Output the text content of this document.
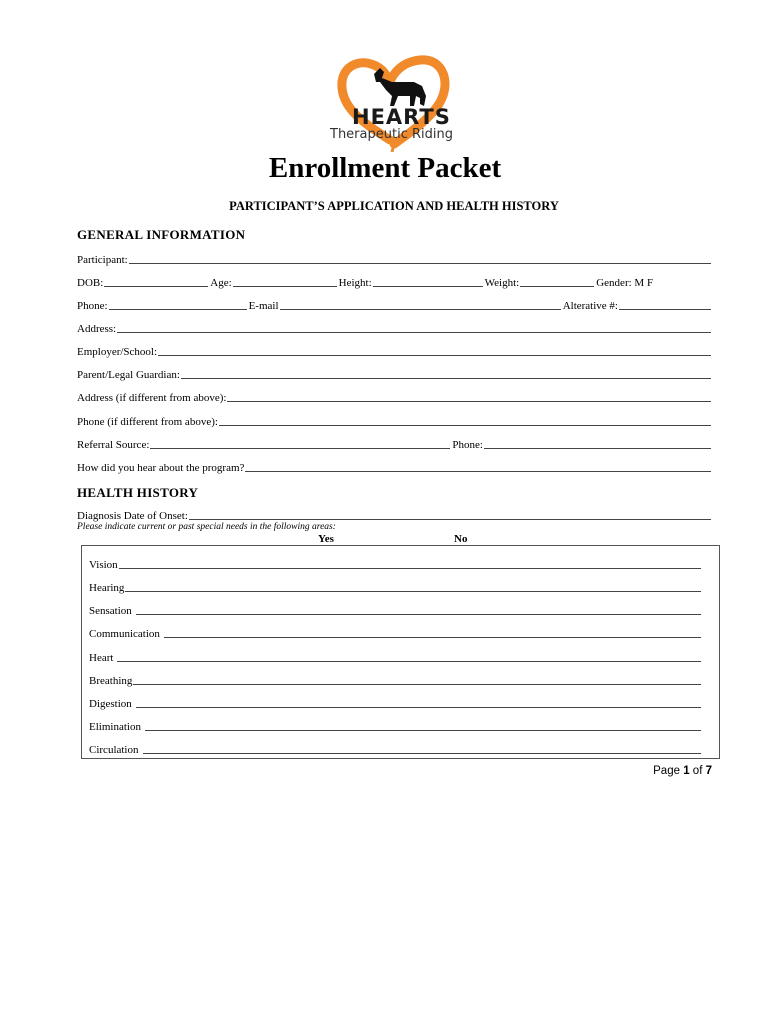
HEARTS
Therapeutic Riding
Enrollment Packet
PARTICIPANT’S APPLICATION AND HEALTH HISTORY
GENERAL INFORMATION
Participant:
DOB:	Age:	Height:	Weight:	Gender: M F
Phone:	E-mail	Alterative #:
Address:
Employer/School:
Parent/Legal Guardian:
Address (if different from above):
Phone (if different from above):
Referral Source:	Phone:
How did you hear about the program?
HEALTH HISTORY
Diagnosis Date of Onset:
Please indicate current or past special needs in the following areas:
Yes	No
Vision
Hearing
Sensation
Communication
Heart
Breathing
Digestion
Elimination
Circulation
Page 1 of 7
